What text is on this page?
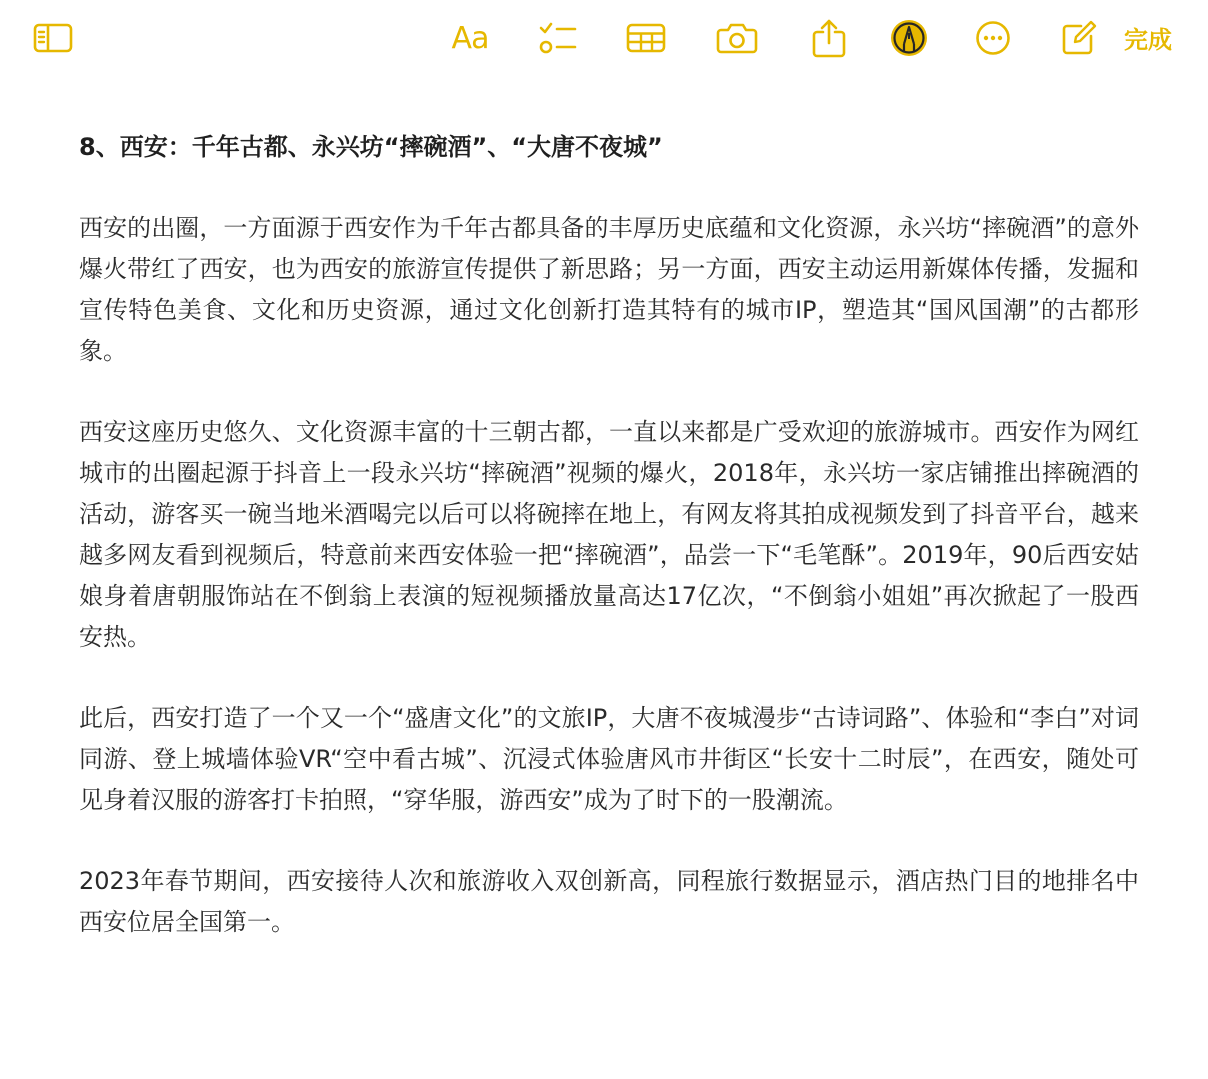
Aa	完成
8、西安：千年古都、永兴坊“摔碗酒”、“大唐不夜城”

西安的出圈，一方面源于西安作为千年古都具备的丰厚历史底蕴和文化资源，永兴坊“摔碗酒”的意外爆火带红了西安，也为西安的旅游宣传提供了新思路；另一方面，西安主动运用新媒体传播，发掘和宣传特色美食、文化和历史资源，通过文化创新打造其特有的城市IP，塑造其“国风国潮”的古都形象。

西安这座历史悠久、文化资源丰富的十三朝古都，一直以来都是广受欢迎的旅游城市。西安作为网红城市的出圈起源于抖音上一段永兴坊“摔碗酒”视频的爆火，2018年，永兴坊一家店铺推出摔碗酒的活动，游客买一碗当地米酒喝完以后可以将碗摔在地上，有网友将其拍成视频发到了抖音平台，越来越多网友看到视频后，特意前来西安体验一把“摔碗酒”，品尝一下“毛笔酥”。2019年，90后西安姑娘身着唐朝服饰站在不倒翁上表演的短视频播放量高达17亿次，“不倒翁小姐姐”再次掀起了一股西安热。

此后，西安打造了一个又一个“盛唐文化”的文旅IP，大唐不夜城漫步“古诗词路”、体验和“李白”对词同游、登上城墙体验VR“空中看古城”、沉浸式体验唐风市井街区“长安十二时辰”，在西安，随处可见身着汉服的游客打卡拍照，“穿华服，游西安”成为了时下的一股潮流。

2023年春节期间，西安接待人次和旅游收入双创新高，同程旅行数据显示，酒店热门目的地排名中西安位居全国第一。
